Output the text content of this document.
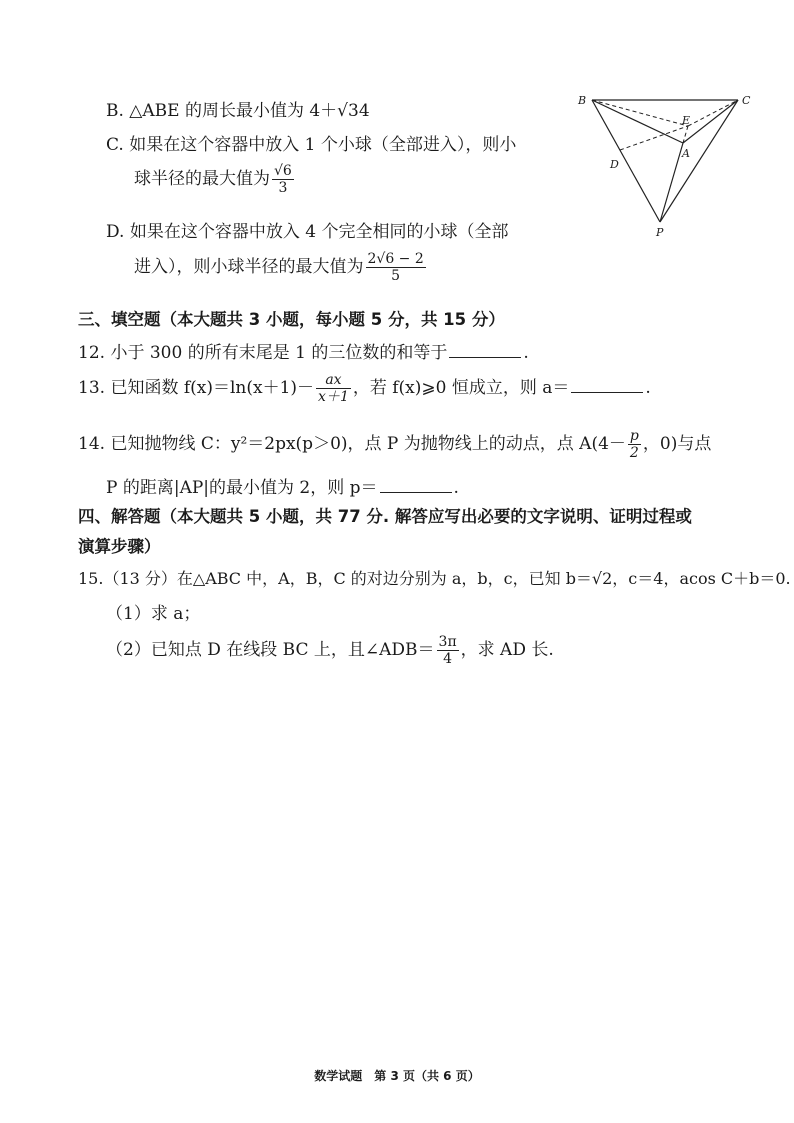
B. △ABE 的周长最小值为 4＋√34
C. 如果在这个容器中放入 1 个小球（全部进入），则小
球半径的最大值为 $\frac{√6}{3}$
D. 如果在这个容器中放入 4 个完全相同的小球（全部
进入），则小球半径的最大值为 $\frac{2√6 - 2}{5}$
B	C
E
A
D
P
三、填空题（本大题共 3 小题，每小题 5 分，共 15 分）
12. 小于 300 的所有末尾是 1 的三位数的和等于	.
13. 已知函数 $f(x)=\ln(x+1)- \frac{ax}{x+1}$ ，若 f(x)⩾0 恒成立，则 a＝	.
14. 已知抛物线 C：y²＝2px(p＞0)，点 P 为抛物线上的动点，点 $A(4- \frac{p}{2}$ ，0)与点
P 的距离|AP|的最小值为 2，则 p＝	.
四、解答题（本大题共 5 小题，共 77 分. 解答应写出必要的文字说明、证明过程或
演算步骤）
15.（13 分）在△ABC 中，A，B，C 的对边分别为 a，b，c，已知 b＝√2，c＝4，acos C＋b＝0.
（1）求 a；
（2）已知点 D 在线段 BC 上，且∠ADB＝ $\frac{3\pi}{4}$ ，求 AD 长.
数学试题　第 3 页（共 6 页）
